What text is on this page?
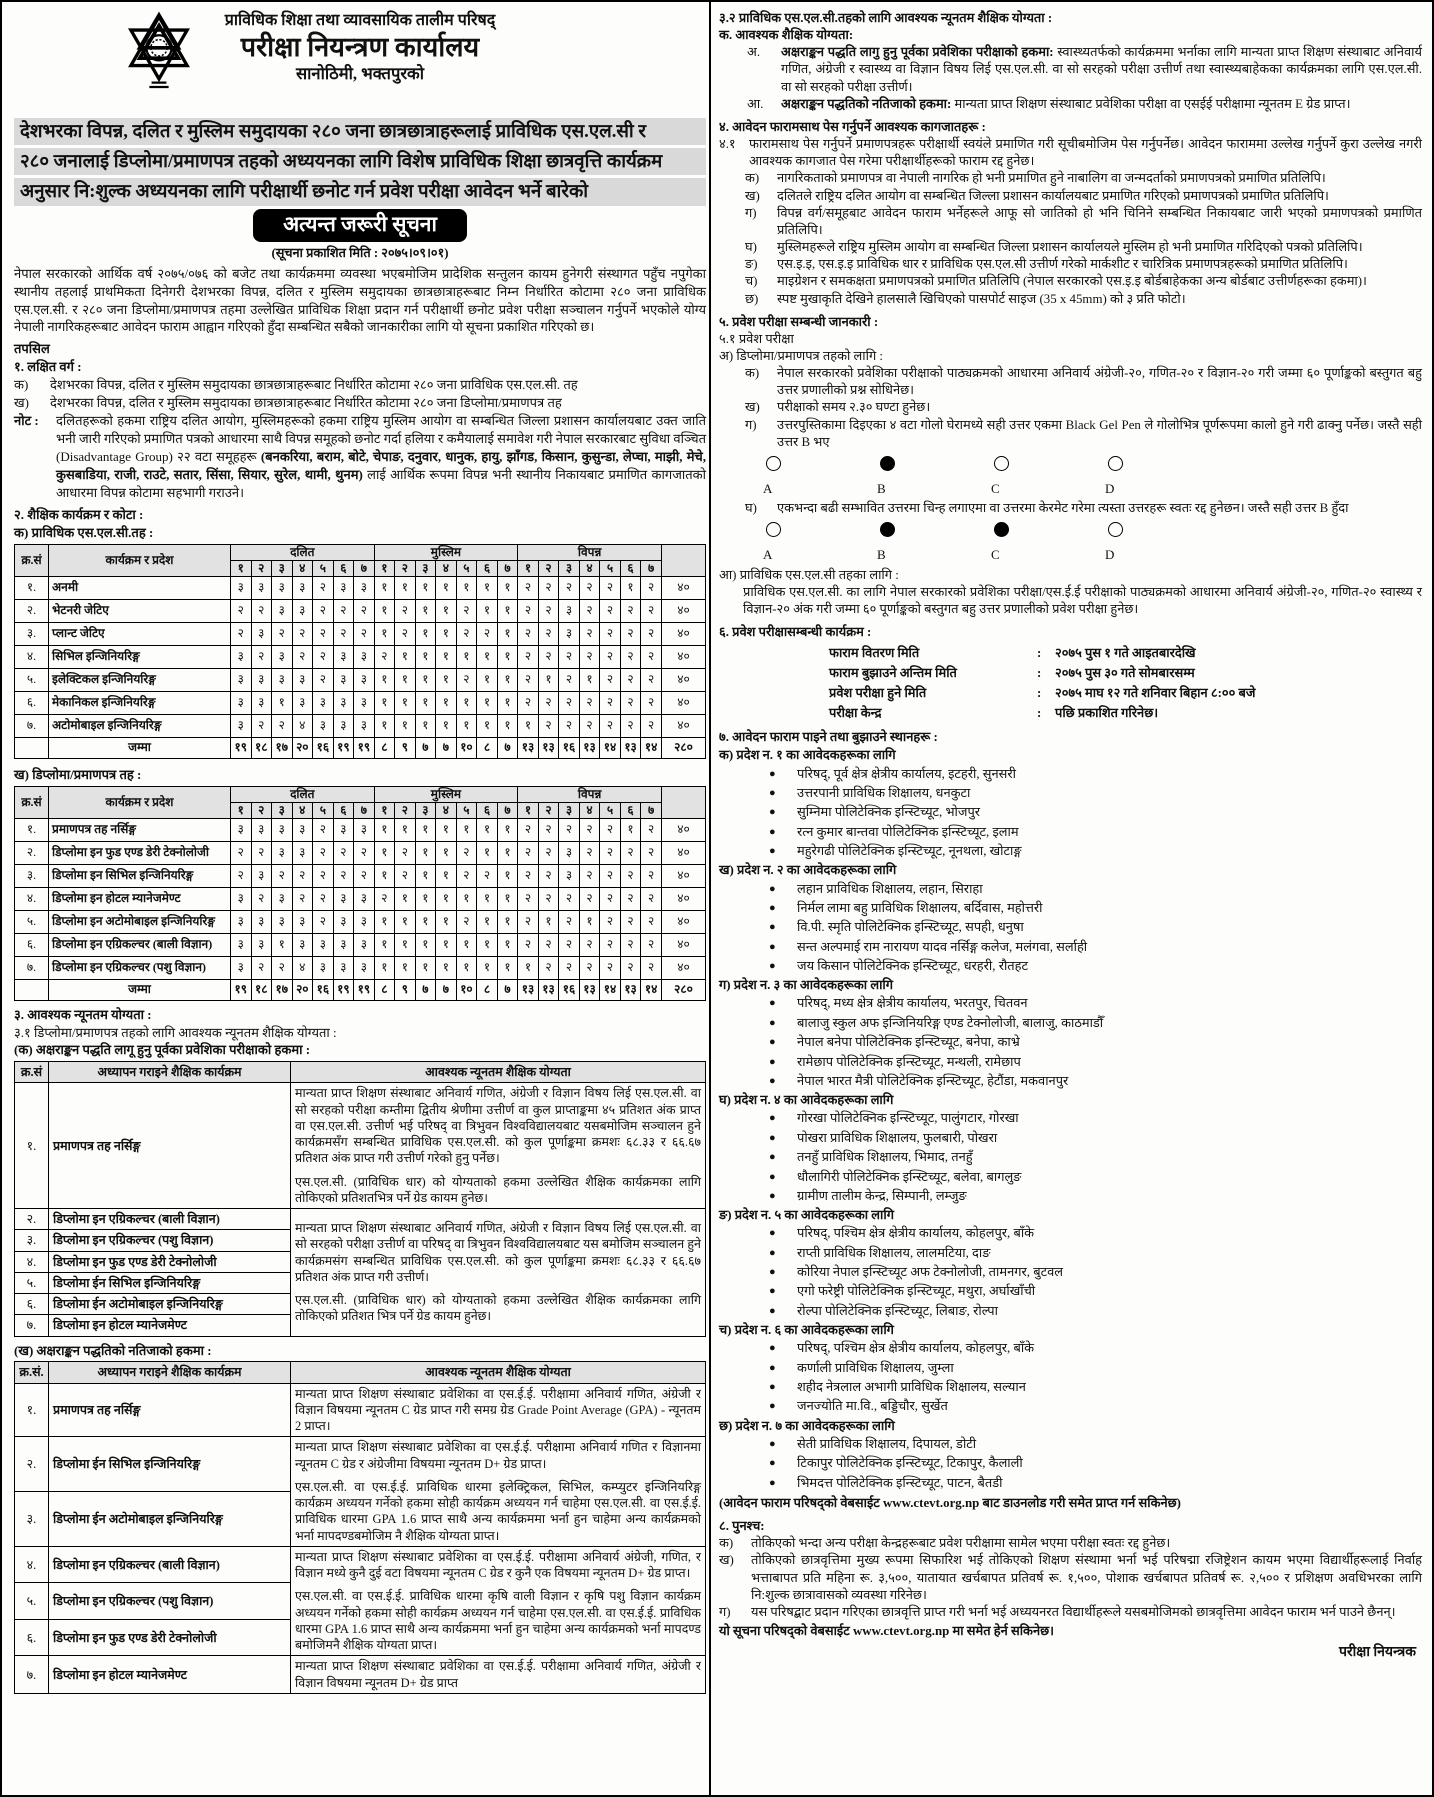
प्राविधिक शिक्षा तथा व्यावसायिक तालीम परिषद्
परीक्षा नियन्त्रण कार्यालय
सानोठिमी, भक्तपुरको
देशभरका विपन्न, दलित र मुस्लिम समुदायका २८० जना छात्रछात्राहरूलाई प्राविधिक एस.एल.सी र
२८० जनालाई डिप्लोमा/प्रमाणपत्र तहको अध्ययनका लागि विशेष प्राविधिक शिक्षा छात्रवृत्ति कार्यक्रम
अनुसार नि:शुल्क अध्ययनका लागि परीक्षार्थी छनोट गर्न प्रवेश परीक्षा आवेदन भर्ने बारेको
अत्यन्त जरूरी सूचना
(सूचना प्रकाशित मिति : २०७५।०९।०१)

नेपाल सरकारको आर्थिक वर्ष २०७५/०७६ को बजेट तथा कार्यक्रममा व्यवस्था भएबमोजिम प्रादेशिक सन्तुलन कायम हुनेगरी संस्थागत पहुँच नपुगेका स्थानीय तहलाई प्राथमिकता दिनेगरी देशभरका विपन्न, दलित र मुस्लिम समुदायका छात्रछात्राहरूबाट निम्न निर्धारित कोटामा २८० जना प्राविधिक एस.एल.सी. र २८० जना डिप्लोमा/प्रमाणपत्र तहमा उल्लेखित प्राविधिक शिक्षा प्रदान गर्न परीक्षार्थी छनोट प्रवेश परीक्षा सञ्चालन गर्नुपर्ने भएकोले योग्य नेपाली नागरिकहरूबाट आवेदन फाराम आह्वान गरिएको हुँदा सम्बन्धित सबैको जानकारीका लागि यो सूचना प्रकाशित गरिएको छ।

तपसिल
१. लक्षित वर्ग :
क)	देशभरका विपन्न, दलित र मुस्लिम समुदायका छात्रछात्राहरूबाट निर्धारित कोटामा २८० जना प्राविधिक एस.एल.सी. तह
ख)	देशभरका विपन्न, दलित र मुस्लिम समुदायका छात्रछात्राहरूबाट निर्धारित कोटामा २८० जना डिप्लोमा/प्रमाणपत्र तह
नोट :	दलितहरूको हकमा राष्ट्रिय दलित आयोग, मुस्लिमहरूको हकमा राष्ट्रिय मुस्लिम आयोग वा सम्बन्धित जिल्ला प्रशासन कार्यालयबाट उक्त जाति भनी जारी गरिएको प्रमाणित पत्रको आधारमा साथै विपन्न समूहको छनोट गर्दा हलिया र कमैयालाई समावेश गरी नेपाल सरकारबाट सुविधा वञ्चित (Disadvantage Group) २२ वटा समूहहरू (बनकरिया, बराम, बोटे, चेपाङ, दनुवार, धानुक, हायु, झाँगड, किसान, कुसुन्डा, लेप्चा, माझी, मेचे, कुसबाडिया, राजी, राउटे, सतार, सिंसा, सियार, सुरेल, थामी, थुनम) लाई आर्थिक रूपमा विपन्न भनी स्थानीय निकायबाट प्रमाणित कागजातको आधारमा विपन्न कोटामा सहभागी गराउने।
२. शैक्षिक कार्यक्रम र कोटा :
क) प्राविधिक एस.एल.सी.तह :
क्र.सं	कार्यक्रम र प्रदेश	दलित							मुस्लिम							विपन्न							
		१	२	३	४	५	६	७	१	२	३	४	५	६	७	१	२	३	४	५	६	७	
१.	अनमी	३	३	३	३	२	३	३	१	१	१	१	१	१	१	२	२	२	२	२	१	२	४०
२.	भेटनरी जेटिए	२	२	३	३	२	२	२	१	२	१	१	२	१	१	२	२	३	२	२	२	२	४०
३.	प्लान्ट जेटिए	२	३	२	२	२	२	२	१	२	१	१	२	२	१	२	२	३	२	२	२	२	४०
४.	सिभिल इन्जिनियरिङ्ग	३	२	३	२	२	३	३	२	१	१	१	१	१	१	२	२	२	२	२	२	२	४०
५.	इलेक्टिकल इन्जिनियरिङ्ग	३	३	३	३	२	३	३	१	१	१	१	२	१	१	२	१	२	१	२	२	२	४०
६.	मेकानिकल इन्जिनियरिङ्ग	३	३	१	३	३	३	३	१	१	१	१	१	१	१	२	२	२	२	२	२	२	४०
७.	अटोमोबाइल इन्जिनियरिङ्ग	३	२	२	४	३	३	३	१	१	१	१	१	१	१	१	२	२	२	२	२	२	४०
	जम्मा	१९	१८	१७	२०	१६	१९	१९	८	९	७	७	१०	८	७	१३	१३	१६	१३	१४	१३	१४	२८०
ख) डिप्लोमा/प्रमाणपत्र तह :
क्र.सं	कार्यक्रम र प्रदेश	दलित							मुस्लिम							विपन्न							
		१	२	३	४	५	६	७	१	२	३	४	५	६	७	१	२	३	४	५	६	७	
१.	प्रमाणपत्र तह नर्सिङ्ग	३	३	३	३	२	३	३	१	१	१	१	१	१	१	२	२	२	२	२	१	२	४०
२.	डिप्लोमा इन फुड एण्ड डेरी टेक्नोलोजी	२	२	३	३	२	२	२	१	२	१	१	२	१	१	२	२	३	२	२	२	२	४०
३.	डिप्लोमा इन सिभिल इन्जिनियरिङ्ग	२	३	२	२	२	२	२	१	२	१	१	२	२	१	२	२	३	२	२	२	२	४०
४.	डिप्लोमा इन होटल म्यानेजमेण्ट	३	२	३	२	२	३	३	२	१	१	१	१	१	१	२	२	२	२	२	२	२	४०
५.	डिप्लोमा इन अटोमोबाइल इन्जिनियरिङ्ग	३	३	३	३	२	३	३	१	१	१	१	२	१	१	२	१	२	१	२	२	२	४०
६.	डिप्लोमा इन एग्रिकल्चर (बाली विज्ञान)	३	३	१	३	३	३	३	१	१	१	१	१	१	१	२	२	२	२	२	२	२	४०
७.	डिप्लोमा इन एग्रिकल्चर (पशु विज्ञान)	३	२	२	४	३	३	३	१	१	१	१	१	१	१	१	२	२	२	२	२	२	४०
	जम्मा	१९	१८	१७	२०	१६	१९	१९	८	९	७	७	१०	८	७	१३	१३	१६	१३	१४	१३	१४	२८०
३. आवश्यक न्यूनतम योग्यता :
३.१ डिप्लोमा/प्रमाणपत्र तहको लागि आवश्यक न्यूनतम शैक्षिक योग्यता :
(क) अक्षराङ्कन पद्धति लागू हुनु पूर्वका प्रवेशिका परीक्षाको हकमा :
क्र.सं	अध्यापन गराइने शैक्षिक कार्यक्रम	आवश्यक न्यूनतम शैक्षिक योग्यता
१.	प्रमाणपत्र तह नर्सिङ्ग	मान्यता प्राप्त शिक्षण संस्थाबाट अनिवार्य गणित, अंग्रेजी र विज्ञान विषय लिई एस.एल.सी. वा सो सरहको परीक्षा कम्तीमा द्वितीय श्रेणीमा उत्तीर्ण वा कुल प्राप्ताङ्कमा ४५ प्रतिशत अंक प्राप्त वा एस.एल.सी. उत्तीर्ण भई परिषद् वा त्रिभुवन विश्वविद्यालयबाट यसबमोजिम सञ्चालन हुने कार्यक्रमसँग सम्बन्धित प्राविधिक एस.एल.सी. को कुल पूर्णाङ्कमा क्रमशः ६८.३३ र ६६.६७ प्रतिशत अंक प्राप्त गरी उत्तीर्ण गरेको हुनु पर्नेछ।
एस.एल.सी. (प्राविधिक धार) को योग्यताको हकमा उल्लेखित शैक्षिक कार्यक्रमका लागि तोकिएको प्रतिशतभित्र पर्ने ग्रेड कायम हुनेछ।

२.	डिप्लोमा इन एग्रिकल्चर (बाली विज्ञान)	मान्यता प्राप्त शिक्षण संस्थाबाट अनिवार्य गणित, अंग्रेजी र विज्ञान विषय लिई एस.एल.सी. वा सो सरहको परीक्षा उत्तीर्ण वा परिषद् वा त्रिभुवन विश्वविद्यालयबाट यस बमोजिम सञ्चालन हुने कार्यक्रमसंग सम्बन्धित प्राविधिक एस.एल.सी. को कुल पूर्णाङ्कमा क्रमशः ६८.३३ र ६६.६७ प्रतिशत अंक प्राप्त गरी उत्तीर्ण।
एस.एल.सी. (प्राविधिक धार) को योग्यताको हकमा उल्लेखित शैक्षिक कार्यक्रमका लागि तोकिएको प्रतिशत भित्र पर्ने ग्रेड कायम हुनेछ।

३.	डिप्लोमा इन एग्रिकल्चर (पशु विज्ञान)	
४.	डिप्लोमा इन फुड एण्ड डेरी टेक्नोलोजी	
५.	डिप्लोमा ईन सिभिल इन्जिनियरिङ्ग	
६.	डिप्लोमा ईन अटोमोबाइल इन्जिनियरिङ्ग	
७.	डिप्लोमा इन होटल म्यानेजमेण्ट	
(ख) अक्षराङ्कन पद्धतिको नतिजाको हकमा :
क्र.सं.	अध्यापन गराइने शैक्षिक कार्यक्रम	आवश्यक न्यूनतम शैक्षिक योग्यता
१.	प्रमाणपत्र तह नर्सिङ्ग	मान्यता प्राप्त शिक्षण संस्थाबाट प्रवेशिका वा एस.ई.ई. परीक्षामा अनिवार्य गणित, अंग्रेजी र विज्ञान विषयमा न्यूनतम C ग्रेड प्राप्त गरी समग्र ग्रेड Grade Point Average (GPA) - न्यूनतम 2 प्राप्त।

२.	डिप्लोमा ईन सिभिल इन्जिनियरिङ्ग	मान्यता प्राप्त शिक्षण संस्थाबाट प्रवेशिका वा एस.ई.ई. परीक्षामा अनिवार्य गणित र विज्ञानमा न्यूनतम C ग्रेड र अंग्रेजीमा विषयमा न्यूनतम D+ ग्रेड प्राप्त।
एस.एल.सी. वा एस.ई.ई. प्राविधिक धारमा इलेक्ट्रिकल, सिभिल, कम्प्युटर इन्जिनियरिङ्ग कार्यक्रम अध्ययन गर्नेको हकमा सोही कार्यक्रम अध्ययन गर्न चाहेमा एस.एल.सी. वा एस.ई.ई. प्राविधिक धारमा GPA 1.6 प्राप्त साथै अन्य कार्यक्रममा भर्ना हुन चाहेमा अन्य कार्यक्रमको भर्ना मापदण्डबमोजिम नै शैक्षिक योग्यता प्राप्त।

३.	डिप्लोमा ईन अटोमोबाइल इन्जिनियरिङ्ग	
४.	डिप्लोमा इन एग्रिकल्चर (बाली विज्ञान)	मान्यता प्राप्त शिक्षण संस्थाबाट प्रवेशिका वा एस.ई.ई. परीक्षामा अनिवार्य अंग्रेजी, गणित, र विज्ञान मध्ये कुनै दुई वटा विषयमा न्यूनतम C ग्रेड र कुनै एक विषयमा न्यूनतम D+ ग्रेड प्राप्त।
एस.एल.सी. वा एस.ई.ई. प्राविधिक धारमा कृषि वाली विज्ञान र कृषि पशु विज्ञान कार्यक्रम अध्ययन गर्नेको हकमा सोही कार्यक्रम अध्ययन गर्न चाहेमा एस.एल.सी. वा एस.ई.ई. प्राविधिक धारमा GPA 1.6 प्राप्त साथै अन्य कार्यक्रममा भर्ना हुन चाहेमा अन्य कार्यक्रमको भर्ना मापदण्ड बमोजिमनै शैक्षिक योग्यता प्राप्त।

५.	डिप्लोमा इन एग्रिकल्चर (पशु विज्ञान)	
६.	डिप्लोमा इन फुड एण्ड डेरी टेक्नोलोजी	
७.	डिप्लोमा इन होटल म्यानेजमेण्ट	मान्यता प्राप्त शिक्षण संस्थाबाट प्रवेशिका वा एस.ई.ई. परीक्षामा अनिवार्य गणित, अंग्रेजी र विज्ञान विषयमा न्यूनतम D+ ग्रेड प्राप्त
३.२ प्राविधिक एस.एल.सी.तहको लागि आवश्यक न्यूनतम शैक्षिक योग्यता :
क. आवश्यक शैक्षिक योग्यता:
अ.	अक्षराङ्कन पद्धति लागु हुनु पूर्वका प्रवेशिका परीक्षाको हकमा: स्वास्थ्यतर्फको कार्यक्रममा भर्नाका लागि मान्यता प्राप्त शिक्षण संस्थाबाट अनिवार्य गणित, अंग्रेजी र स्वास्थ्य वा विज्ञान विषय लिई एस.एल.सी. वा सो सरहको परीक्षा उत्तीर्ण तथा स्वास्थ्यबाहेकका कार्यक्रमका लागि एस.एल.सी. वा सो सरहको परीक्षा उत्तीर्ण।
आ.	अक्षराङ्कन पद्धतिको नतिजाको हकमा: मान्यता प्राप्त शिक्षण संस्थाबाट प्रवेशिका परीक्षा वा एसईई परीक्षामा न्यूनतम E ग्रेड प्राप्त।
४. आवेदन फारामसाथ पेस गर्नुपर्ने आवश्यक कागजातहरू :
४.१	फारामसाथ पेस गर्नुपर्ने प्रमाणपत्रहरू परीक्षार्थी स्वयंले प्रमाणित गरी सूचीबमोजिम पेस गर्नुपर्नेछ। आवेदन फाराममा उल्लेख गर्नुपर्ने कुरा उल्लेख नगरी आवश्यक कागजात पेस गरेमा परीक्षार्थीहरूको फाराम रद्द हुनेछ।
क)	नागरिकताको प्रमाणपत्र वा नेपाली नागरिक हो भनी प्रमाणित हुने नाबालिग वा जन्मदर्ताको प्रमाणपत्रको प्रमाणित प्रतिलिपि।
ख)	दलितले राष्ट्रिय दलित आयोग वा सम्बन्धित जिल्ला प्रशासन कार्यालयबाट प्रमाणित गरिएको प्रमाणपत्रको प्रमाणित प्रतिलिपि।
ग)	विपन्न वर्ग/समूहबाट आवेदन फाराम भर्नेहरूले आफू सो जातिको हो भनि चिनिने सम्बन्धित निकायबाट जारी भएको प्रमाणपत्रको प्रमाणित प्रतिलिपि।
घ)	मुस्लिमहरूले राष्ट्रिय मुस्लिम आयोग वा सम्बन्धित जिल्ला प्रशासन कार्यालयले मुस्लिम हो भनी प्रमाणित गरिदिएको पत्रको प्रतिलिपि।
ङ)	एस.इ.इ, एस.इ.इ प्राविधिक धार र प्राविधिक एस.एल.सी उत्तीर्ण गरेको मार्कशीट र चारित्रिक प्रमाणपत्रहरूको प्रमाणित प्रतिलिपि।
च)	माइग्रेशन र समकक्षता प्रमाणपत्रको प्रमाणित प्रतिलिपि (नेपाल सरकारको एस.इ.इ बोर्डबाहेकका अन्य बोर्डबाट उत्तीर्णहरूका हकमा)।
छ)	स्पष्ट मुखाकृति देखिने हालसालै खिचिएको पासपोर्ट साइज (35 x 45mm) को ३ प्रति फोटो।
५. प्रवेश परीक्षा सम्बन्धी जानकारी :
५.१ प्रवेश परीक्षा
अ) डिप्लोमा/प्रमाणपत्र तहको लागि :
क)	नेपाल सरकारको प्रवेशिका परीक्षाको पाठ्यक्रमको आधारमा अनिवार्य अंग्रेजी-२०, गणित-२० र विज्ञान-२० गरी जम्मा ६० पूर्णाङ्कको बस्तुगत बहु उत्तर प्रणालीको प्रश्न सोधिनेछ।
ख)	परीक्षाको समय २.३० घण्टा हुनेछ।
ग)	उत्तरपुस्तिकामा दिइएका ४ वटा गोलो घेरामध्ये सही उत्तर एकमा Black Gel Pen ले गोलोभित्र पूर्णरूपमा कालो हुने गरी ढाक्नु पर्नेछ। जस्तै सही उत्तर B भए
A	B	C	D
घ)	एकभन्दा बढी सम्भावित उत्तरमा चिन्ह लगाएमा वा उत्तरमा केरमेट गरेमा त्यस्ता उत्तरहरू स्वतः रद्द हुनेछन। जस्तै सही उत्तर B हुँदा
A	B	C	D
आ) प्राविधिक एस.एल.सी तहका लागि :
प्राविधिक एस.एल.सी. का लागि नेपाल सरकारको प्रवेशिका परीक्षा/एस.ई.ई परीक्षाको पाठ्यक्रमको आधारमा अनिवार्य अंग्रेजी-२०, गणित-२० स्वास्थ्य र विज्ञान-२० अंक गरी जम्मा ६० पूर्णाङ्कको बस्तुगत बहु उत्तर प्रणालीको प्रवेश परीक्षा हुनेछ।
६. प्रवेश परीक्षासम्बन्धी कार्यक्रम :
फाराम वितरण मिति	:	२०७५ पुस १ गते आइतबारदेखि
फाराम बुझाउने अन्तिम मिति	:	२०७५ पुस ३० गते सोमबारसम्म
प्रवेश परीक्षा हुने मिति	:	२०७५ माघ १२ गते शनिवार बिहान ८:०० बजे
परीक्षा केन्द्र	:	पछि प्रकाशित गरिनेछ।
७. आवेदन फाराम पाइने तथा बुझाउने स्थानहरू :
क) प्रदेश न. १ का आवेदकहरूका लागि
●	परिषद्, पूर्व क्षेत्र क्षेत्रीय कार्यालय, इटहरी, सुनसरी
●	उत्तरपानी प्राविधिक शिक्षालय, धनकुटा
●	सुम्निमा पोलिटेक्निक इन्स्टिच्यूट, भोजपुर
●	रत्न कुमार बान्तवा पोलिटेक्निक इन्स्टिच्यूट, इलाम
●	महुरेगढी पोलिटेक्निक इन्स्टिच्यूट, नूनथला, खोटाङ्ग
ख) प्रदेश न. २ का आवेदकहरूका लागि
●	लहान प्राविधिक शिक्षालय, लहान, सिराहा
●	निर्मल लामा बहु प्राविधिक शिक्षालय, बर्दिवास, महोत्तरी
●	वि.पी. स्मृति पोलिटेक्निक इन्स्टिच्यूट, सपही, धनुषा
●	सन्त अल्पमाई राम नारायण यादव नर्सिङ्ग कलेज, मलंगवा, सर्लाही
●	जय किसान पोलिटेक्निक इन्स्टिच्यूट, धरहरी, रौतहट
ग) प्रदेश न. ३ का आवेदकहरूका लागि
●	परिषद्, मध्य क्षेत्र क्षेत्रीय कार्यालय, भरतपुर, चितवन
●	बालाजु स्कुल अफ इन्जिनियरिङ्ग एण्ड टेक्नोलोजी, बालाजु, काठमाडौँ
●	नेपाल बनेपा पोलिटेक्निक इन्स्टिच्यूट, बनेपा, काभ्रे
●	रामेछाप पोलिटेक्निक इन्स्टिच्यूट, मन्थली, रामेछाप
●	नेपाल भारत मैत्री पोलिटेक्निक इन्स्टिच्यूट, हेटौंडा, मकवानपुर
घ) प्रदेश न. ४ का आवेदकहरूका लागि
●	गोरखा पोलिटेक्निक इन्स्टिच्यूट, पालुंगटार, गोरखा
●	पोखरा प्राविधिक शिक्षालय, फुलबारी, पोखरा
●	तनहुँ प्राविधिक शिक्षालय, भिमाद, तनहुँ
●	धौलागिरी पोलिटेक्निक इन्स्टिच्यूट, बलेवा, बागलुङ
●	ग्रामीण तालीम केन्द्र, सिम्पानी, लम्जुङ
ङ) प्रदेश न. ५ का आवेदकहरूका लागि
●	परिषद्, पश्चिम क्षेत्र क्षेत्रीय कार्यालय, कोहलपुर, बाँके
●	राप्ती प्राविधिक शिक्षालय, लालमटिया, दाङ
●	कोरिया नेपाल इन्स्टिच्यूट अफ टेक्नोलोजी, तामनगर, बुटवल
●	एगो फरेष्ट्री पोलिटेक्निक इन्स्टिच्यूट, मथुरा, अर्घाखाँची
●	रोल्पा पोलिटेक्निक इन्स्टिच्यूट, लिबाङ, रोल्पा
च) प्रदेश न. ६ का आवेदकहरूका लागि
●	परिषद्, पश्चिम क्षेत्र क्षेत्रीय कार्यालय, कोहलपुर, बाँके
●	कर्णाली प्राविधिक शिक्षालय, जुम्ला
●	शहीद नेत्रलाल अभागी प्राविधिक शिक्षालय, सल्यान
●	जनज्योति मा.वि., बड्डिचौर, सुर्खेत
छ) प्रदेश न. ७ का आवेदकहरूका लागि
●	सेती प्राविधिक शिक्षालय, दिपायल, डोटी
●	टिकापुर पोलिटेक्निक इन्स्टिच्यूट, टिकापुर, कैलाली
●	भिमदत्त पोलिटेक्निक इन्स्टिच्यूट, पाटन, बैतडी
(आवेदन फाराम परिषद्को वेबसाईट www.ctevt.org.np बाट डाउनलोड गरी समेत प्राप्त गर्न सकिनेछ)
८. पुनश्च:
क)	तोकिएको भन्दा अन्य परीक्षा केन्द्रहरूबाट प्रवेश परीक्षामा सामेल भएमा परीक्षा स्वतः रद्द हुनेछ।
ख)	तोकिएको छात्रवृत्तिमा मुख्य रूपमा सिफारिश भई तोकिएको शिक्षण संस्थामा भर्ना भई परिषद्मा रजिष्ट्रेशन कायम भएमा विद्यार्थीहरूलाई निर्वाह भत्ताबापत प्रति महिना रू. ३,५००, यातायात खर्चबापत प्रतिवर्ष रू. १,५००, पोशाक खर्चबापत प्रतिवर्ष रू. २,५०० र प्रशिक्षण अवधिभरका लागि नि:शुल्क छात्रावासको व्यवस्था गरिनेछ।
ग)	यस परिषद्बाट प्रदान गरिएका छात्रवृत्ति प्राप्त गरी भर्ना भई अध्ययनरत विद्यार्थीहरूले यसबमोजिमको छात्रवृत्तिमा आवेदन फाराम भर्न पाउने छैनन्।
यो सूचना परिषद्को वेबसाईट www.ctevt.org.np मा समेत हेर्न सकिनेछ।
परीक्षा नियन्त्रक
